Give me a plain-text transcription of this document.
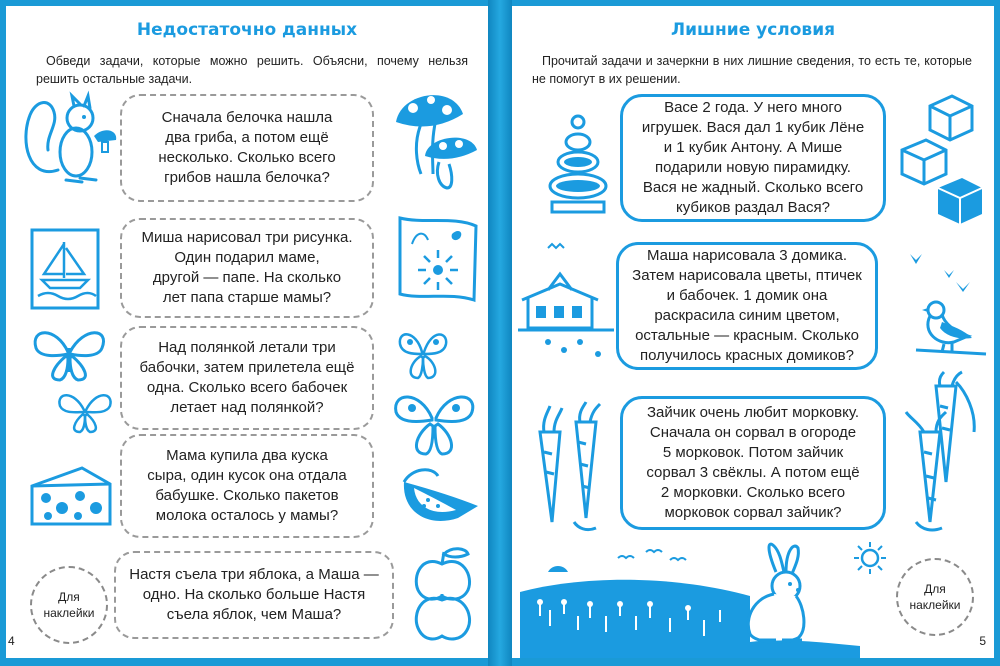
Недостаточно данных
Обведи задачи, которые можно решить. Объясни, почему нельзя решить остальные задачи.
Сначала белочка нашла
два гриба, а потом ещё
несколько. Сколько всего
грибов нашла белочка?
Миша нарисовал три рисунка.
Один подарил маме,
другой — папе. На сколько
лет папа старше мамы?
Над полянкой летали три
бабочки, затем прилетела ещё
одна. Сколько всего бабочек
летает над полянкой?
Мама купила два куска
сыра, один кусок она отдала
бабушке. Сколько пакетов
молока осталось у мамы?
Настя съела три яблока, а Маша —
одно. На сколько больше Настя
съела яблок, чем Маша?
Для
наклейки
4
Лишние условия
Прочитай задачи и зачеркни в них лишние сведения, то есть те, которые не помогут в их решении.
Васе 2 года. У него много
игрушек. Вася дал 1 кубик Лёне
и 1 кубик Антону. А Мише
подарили новую пирамидку.
Вася не жадный. Сколько всего
кубиков раздал Вася?
Маша нарисовала 3 домика.
Затем нарисовала цветы, птичек
и бабочек. 1 домик она
раскрасила синим цветом,
остальные — красным. Сколько
получилось красных домиков?
Зайчик очень любит морковку.
Сначала он сорвал в огороде
5 морковок. Потом зайчик
сорвал 3 свёклы. А потом ещё
2 морковки. Сколько всего
морковок сорвал зайчик?
Для
наклейки
5
